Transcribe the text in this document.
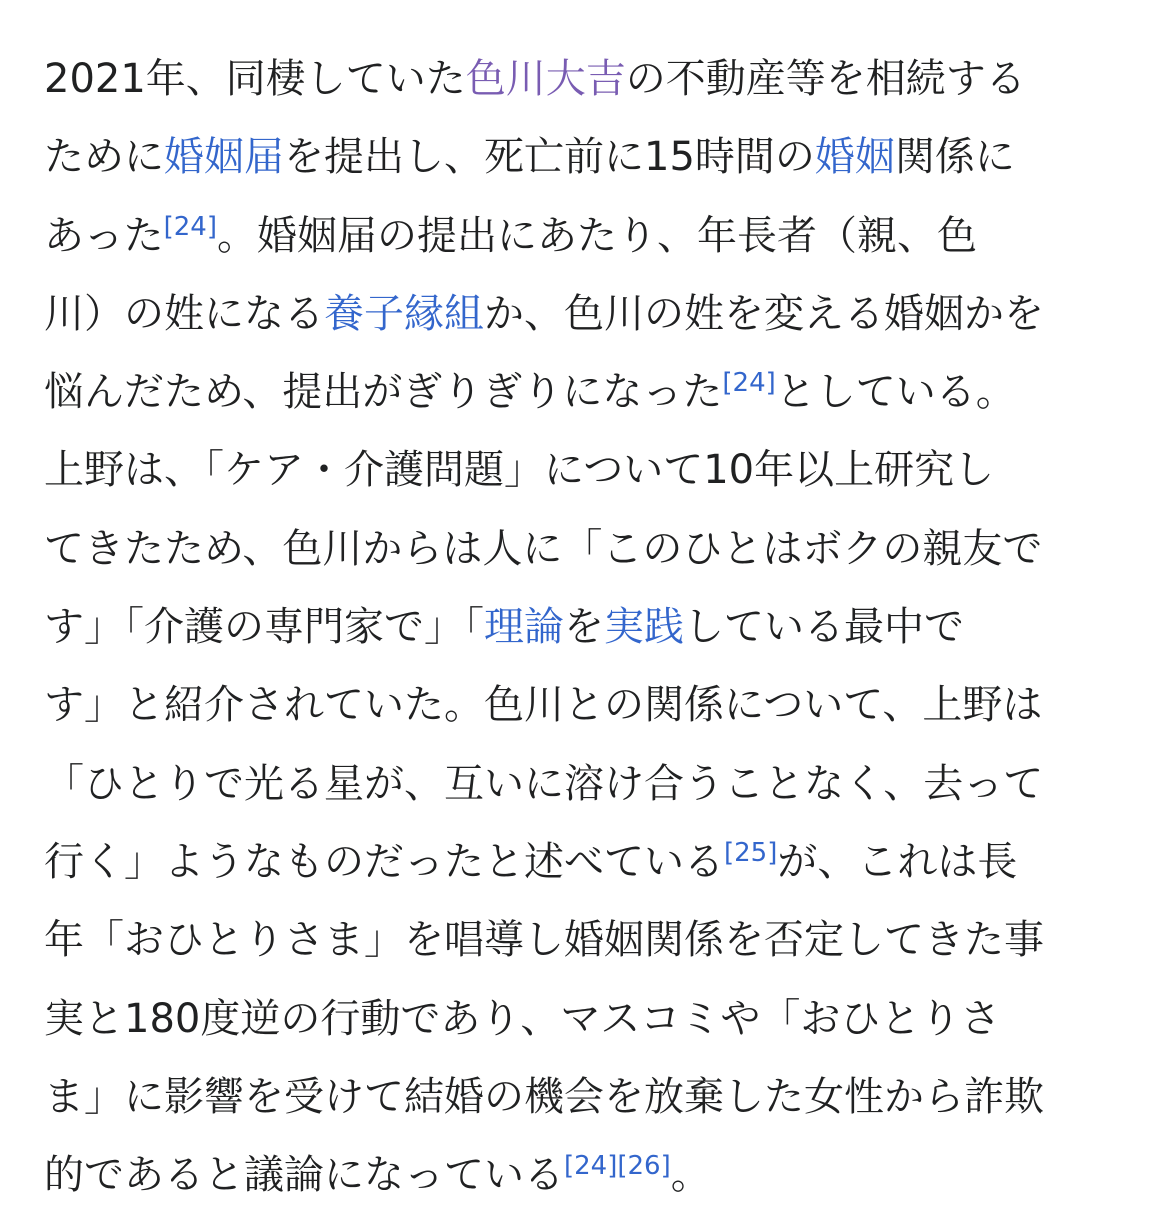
2021年、同棲していた色川大吉の不動産等を相続する
ために婚姻届を提出し、死亡前に15時間の婚姻関係に
あった[24]。婚姻届の提出にあたり、年長者（親、色
川）の姓になる養子縁組か、色川の姓を変える婚姻かを
悩んだため、提出がぎりぎりになった[24]としている。
上野は、「ケア・介護問題」について10年以上研究し
てきたため、色川からは人に「このひとはボクの親友で
す」「介護の専門家で」「理論を実践している最中で
す」と紹介されていた。色川との関係について、上野は
「ひとりで光る星が、互いに溶け合うことなく、去って
行く」ようなものだったと述べている[25]が、これは長
年「おひとりさま」を唱導し婚姻関係を否定してきた事
実と180度逆の行動であり、マスコミや「おひとりさ
ま」に影響を受けて結婚の機会を放棄した女性から詐欺
的であると議論になっている[24][26]。
